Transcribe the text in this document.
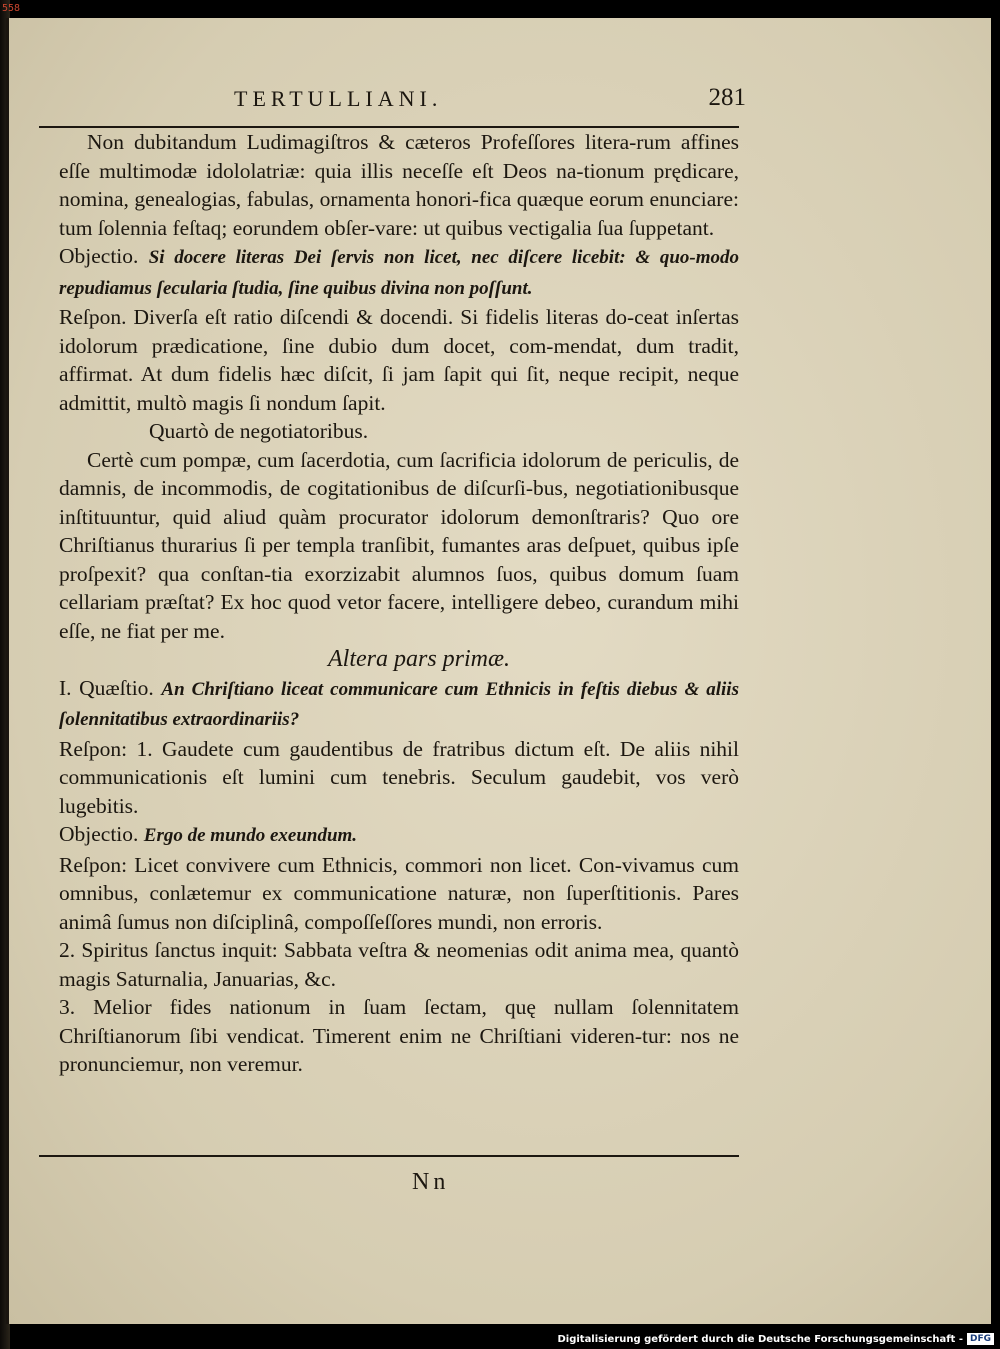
558
TERTULLIANI.	281

Non dubitandum Ludimagiſtros & cæteros Profeſſores litera-rum affines eſſe multimodæ idololatriæ: quia illis neceſſe eſt Deos na-tionum prędicare, nomina, genealogias, fabulas, ornamenta honori-fica quæque eorum enunciare: tum ſolennia feſtaq; eorundem obſer-vare: ut quibus vectigalia ſua ſuppetant.

Objectio. Si docere literas Dei ſervis non licet, nec diſcere licebit: & quo-modo repudiamus ſecularia ſtudia, ſine quibus divina non poſſunt.

Reſpon. Diverſa eſt ratio diſcendi & docendi. Si fidelis literas do-ceat inſertas idolorum prædicatione, ſine dubio dum docet, com-mendat, dum tradit, affirmat. At dum fidelis hæc diſcit, ſi jam ſapit qui ſit, neque recipit, neque admittit, multò magis ſi nondum ſapit.

Quartò de negotiatoribus.

Certè cum pompæ, cum ſacerdotia, cum ſacrificia idolorum de periculis, de damnis, de incommodis, de cogitationibus de diſcurſi-bus, negotiationibusque inſtituuntur, quid aliud quàm procurator idolorum demonſtraris? Quo ore Chriſtianus thurarius ſi per templa tranſibit, fumantes aras deſpuet, quibus ipſe proſpexit? qua conſtan-tia exorzizabit alumnos ſuos, quibus domum ſuam cellariam præſtat? Ex hoc quod vetor facere, intelligere debeo, curandum mihi eſſe, ne fiat per me.

Altera pars primæ.

I. Quæſtio. An Chriſtiano liceat communicare cum Ethnicis in feſtis diebus & aliis ſolennitatibus extraordinariis?

Reſpon: 1. Gaudete cum gaudentibus de fratribus dictum eſt. De aliis nihil communicationis eſt lumini cum tenebris. Seculum gaudebit, vos verò lugebitis.

Objectio. Ergo de mundo exeundum.

Reſpon: Licet convivere cum Ethnicis, commori non licet. Con-vivamus cum omnibus, conlætemur ex communicatione naturæ, non ſuperſtitionis. Pares animâ ſumus non diſciplinâ, compoſſeſſores mundi, non erroris.

2. Spiritus ſanctus inquit: Sabbata veſtra & neomenias odit anima mea, quantò magis Saturnalia, Januarias, &c.

3. Melior fides nationum in ſuam ſectam, quę nullam ſolennitatem Chriſtianorum ſibi vendicat. Timerent enim ne Chriſtiani videren-tur: nos ne pronunciemur, non veremur.

Nn
Digitalisierung gefördert durch die Deutsche Forschungsgemeinschaft - DFG
